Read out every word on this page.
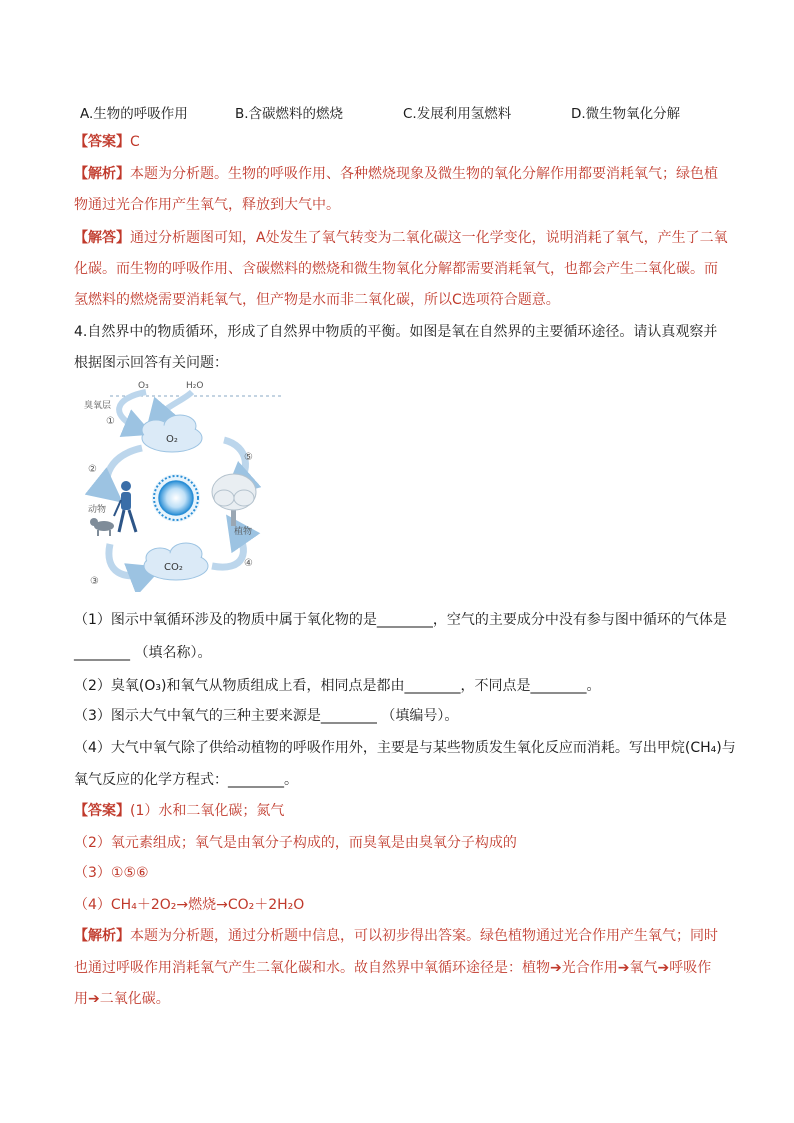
A.生物的呼吸作用	B.含碳燃料的燃烧	C.发展利用氢燃料	D.微生物氧化分解
【答案】C
【解析】本题为分析题。生物的呼吸作用、各种燃烧现象及微生物的氧化分解作用都要消耗氧气；绿色植
物通过光合作用产生氧气，释放到大气中。
【解答】通过分析题图可知，A处发生了氧气转变为二氧化碳这一化学变化，说明消耗了氧气，产生了二氧
化碳。而生物的呼吸作用、含碳燃料的燃烧和微生物氧化分解都需要消耗氧气，也都会产生二氧化碳。而
氢燃料的燃烧需要消耗氧气，但产物是水而非二氧化碳，所以C选项符合题意。
4.自然界中的物质循环，形成了自然界中物质的平衡。如图是氧在自然界的主要循环途径。请认真观察并
根据图示回答有关问题：
O₃	H₂O
臭氧层
O₂
CO₂
动物
植物
①
②
③
④
⑤
（1）图示中氧循环涉及的物质中属于氧化物的是________，空气的主要成分中没有参与图中循环的气体是
________ （填名称）。
（2）臭氧(O₃)和氧气从物质组成上看，相同点是都由________，不同点是________。
（3）图示大气中氧气的三种主要来源是________ （填编号）。
（4）大气中氧气除了供给动植物的呼吸作用外，主要是与某些物质发生氧化反应而消耗。写出甲烷(CH₄)与
氧气反应的化学方程式：________。
【答案】(1）水和二氧化碳；氮气
（2）氧元素组成；氧气是由氧分子构成的，而臭氧是由臭氧分子构成的
（3）①⑤⑥
（4）CH₄＋2O₂→燃烧→CO₂＋2H₂O
【解析】本题为分析题，通过分析题中信息，可以初步得出答案。绿色植物通过光合作用产生氧气；同时
也通过呼吸作用消耗氧气产生二氧化碳和水。故自然界中氧循环途径是：植物➔光合作用➔氧气➔呼吸作
用➔二氧化碳。
